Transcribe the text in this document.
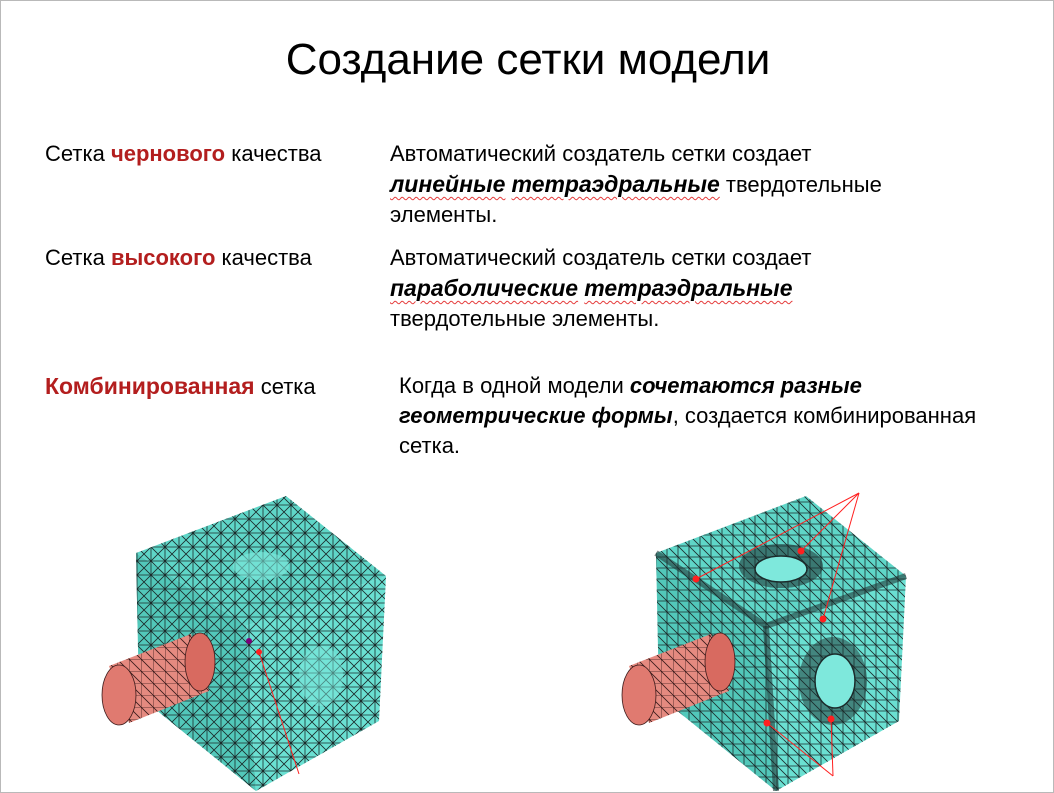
Создание сетки модели
Сетка чернового качества	Автоматический создатель сетки создает
линейные тетраэдральные твердотельные
элементы.
Сетка высокого качества	Автоматический создатель сетки создает
параболические тетраэдральные
твердотельные элементы.
Комбинированная сетка	Когда в одной модели сочетаются разные геометрические формы, создается комбинированная сетка.
